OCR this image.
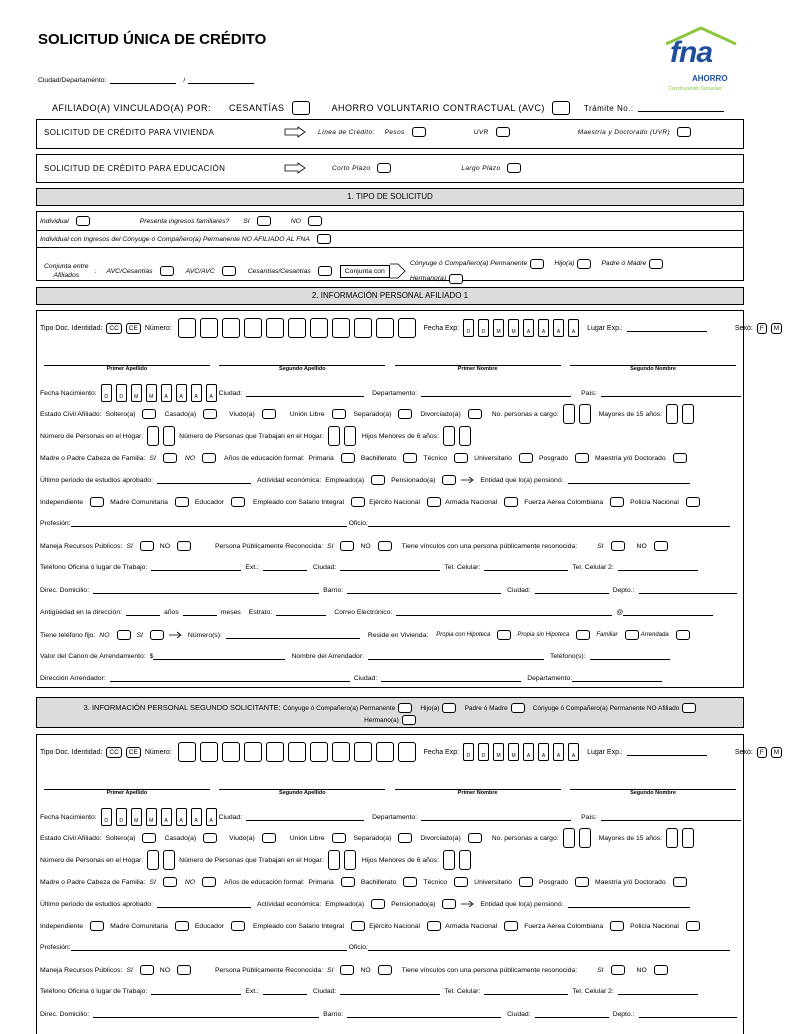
SOLICITUD ÚNICA DE CRÉDITO	fna
AHORRO
Construyendo Sociedad
Ciudad/Departamento:	/
AFILIADO(A) VINCULADO(A) POR: CESANTÍAS	AHORRO VOLUNTARIO CONTRACTUAL (AVC)	Trámite No.:
SOLICITUD DE CRÉDITO PARA VIVIENDA	Línea de Crédito: Pesos	UVR	Maestría y Doctorado (UVR)
SOLICITUD DE CRÉDITO PARA EDUCACIÓN	Corto Plazo	Largo Plazo
1. TIPO DE SOLICITUD
Individual	Presenta ingresos familiares? SI	NO
Individual con Ingresos del Cónyuge ó Compañero(a) Permanente NO AFILIADO AL FNA
Conjunta entre
Afiliados
: AVC/Cesantías	AVC/AVC	Cesantías/Cesantías	Conjunta con
Cónyuge ó Compañero(a) Permanente	Hijo(a)	Padre ó Madre
Hermano(a)
2. INFORMACIÓN PERSONAL AFILIADO 1
Tipo Doc. Identidad:	CC	CE	Número:	Fecha Exp:
D	D	M	M	A	A	A	A
Lugar Exp.:	Sexo:	F	M
Primer Apellido	Segundo Apellido	Primer Nombre	Segundo Nombre
Fecha Nacimiento:
D	D	M	M	A	A	A	A
Ciudad:	Departamento:	País:
Estado Civil Afiliado: Soltero(a)	Casado(a)	Viudo(a)	Unión Libre	Separado(a)	Divorciado(a)	No. personas a cargo:	Mayores de 15 años:
Número de Personas en el Hogar:	Número de Personas que Trabajan en el Hogar:	Hijos Menores de 6 años:
Madre o Padre Cabeza de Familia: SI	NO	Años de educación formal: Primaria	Bachillerato	Técnico	Universitario	Posgrado	Maestría y/ó Doctorado
Último periodo de estudios aprobado:	Actividad económica: Empleado(a)	Pensionado(a)	Entidad que lo(a) pensionó:
Independiente	Madre Comunitaria	Educador	Empleado con Salario Integral	Ejército Nacional	Armada Nacional	Fuerza Aérea Colombiana	Policía Nacional
Profesión:	Oficio:
Maneja Recursos Públicos: SI	NO	Persona Públicamente Reconocida: SI	NO	Tiene vínculos con una persona públicamente reconocida:	SI	NO
Teléfono Oficina ó lugar de Trabajo:	Ext.:	Ciudad:	Tel. Celular:	Tel. Celular 2:
Direc. Domicilio:	Barrio:	Ciudad:	Depto.:
Antigüedad en la dirección:	años	meses Estrato:	Correo Electrónico:	@
Tiene teléfono fijo: NO	SI	Número(s):	Reside en Vivienda: Propia con Hipoteca	Propia sin Hipoteca	Familiar	Arrendada
Valor del Canon de Arrendamiento: $	Nombre del Arrendador:	Teléfono(s):
Dirección Arrendador:	Ciudad:	Departamento:
3. INFORMACIÓN PERSONAL SEGUNDO SOLICITANTE: Cónyuge ó Compañero(a) Permanente	Hijo(a)	Padre ó Madre	Cónyuge ó Compañero(a) Permanente NO Afiliado
Hermano(a)
Tipo Doc. Identidad:	CC	CE	Número:	Fecha Exp:
D	D	M	M	A	A	A	A
Lugar Exp.:	Sexo:	F	M
Primer Apellido	Segundo Apellido	Primer Nombre	Segundo Nombre
Fecha Nacimiento:
D	D	M	M	A	A	A	A
Ciudad:	Departamento:	País:
Estado Civil Afiliado: Soltero(a)	Casado(a)	Viudo(a)	Unión Libre	Separado(a)	Divorciado(a)	No. personas a cargo:	Mayores de 15 años:
Número de Personas en el Hogar:	Número de Personas que Trabajan en el Hogar:	Hijos Menores de 6 años:
Madre o Padre Cabeza de Familia: SI	NO	Años de educación formal: Primaria	Bachillerato	Técnico	Universitario	Posgrado	Maestría y/ó Doctorado
Último periodo de estudios aprobado:	Actividad económica: Empleado(a)	Pensionado(a)	Entidad que lo(a) pensionó:
Independiente	Madre Comunitaria	Educador	Empleado con Salario Integral	Ejército Nacional	Armada Nacional	Fuerza Aérea Colombiana	Policía Nacional
Profesión:	Oficio:
Maneja Recursos Públicos: SI	NO	Persona Públicamente Reconocida: SI	NO	Tiene vínculos con una persona públicamente reconocida:	SI	NO
Teléfono Oficina ó lugar de Trabajo:	Ext.:	Ciudad:	Tel. Celular:	Tel. Celular 2:
Direc. Domicilio:	Barrio:	Ciudad:	Depto.:
